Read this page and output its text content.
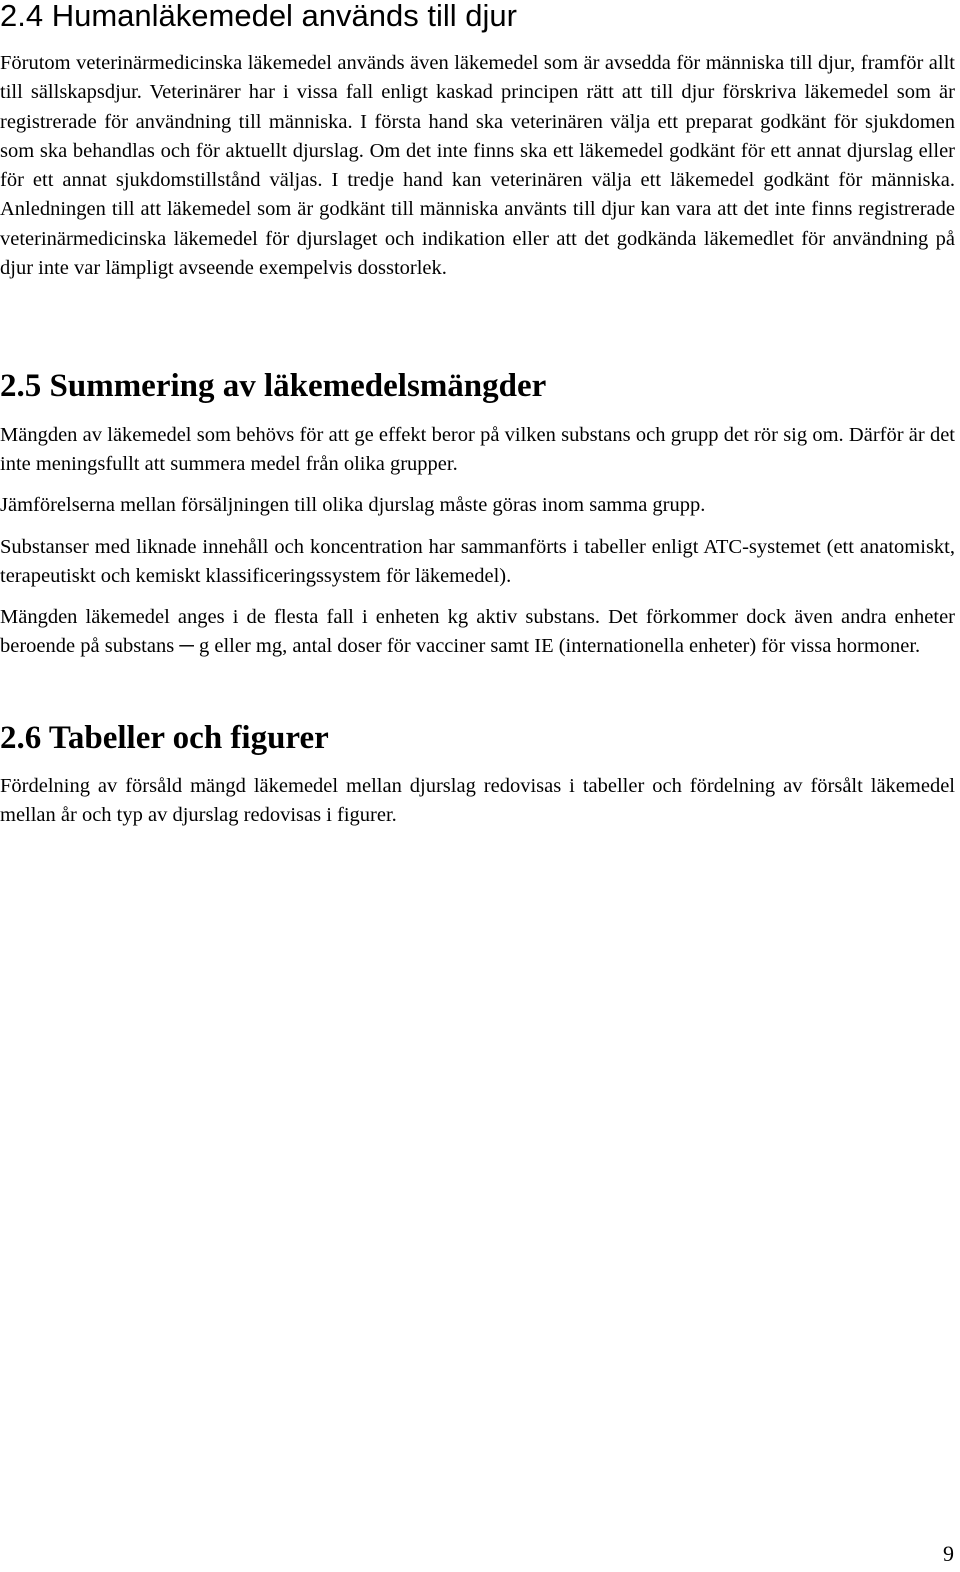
2.4 Humanläkemedel används till djur

Förutom veterinärmedicinska läkemedel används även läkemedel som är avsedda för människa till djur, framför allt till sällskapsdjur. Veterinärer har i vissa fall enligt kaskad principen rätt att till djur förskriva läkemedel som är registrerade för användning till människa. I första hand ska veterinären välja ett preparat godkänt för sjukdomen som ska behandlas och för aktuellt djurslag. Om det inte finns ska ett läkemedel godkänt för ett annat djurslag eller för ett annat sjukdomstillstånd väljas. I tredje hand kan veterinären välja ett läkemedel godkänt för människa. Anledningen till att läkemedel som är godkänt till människa använts till djur kan vara att det inte finns registrerade veterinärmedicinska läkemedel för djurslaget och indikation eller att det godkända läkemedlet för användning på djur inte var lämpligt avseende exempelvis dosstorlek.

2.5 Summering av läkemedelsmängder

Mängden av läkemedel som behövs för att ge effekt beror på vilken substans och grupp det rör sig om. Därför är det inte meningsfullt att summera medel från olika grupper.

Jämförelserna mellan försäljningen till olika djurslag måste göras inom samma grupp.

Substanser med liknade innehåll och koncentration har sammanförts i tabeller enligt ATC-systemet (ett anatomiskt, terapeutiskt och kemiskt klassificeringssystem för läkemedel).

Mängden läkemedel anges i de flesta fall i enheten kg aktiv substans. Det förkommer dock även andra enheter beroende på substans ─ g eller mg, antal doser för vacciner samt IE (internationella enheter) för vissa hormoner.

2.6 Tabeller och figurer

Fördelning av försåld mängd läkemedel mellan djurslag redovisas i tabeller och fördelning av försålt läkemedel mellan år och typ av djurslag redovisas i figurer.

9
